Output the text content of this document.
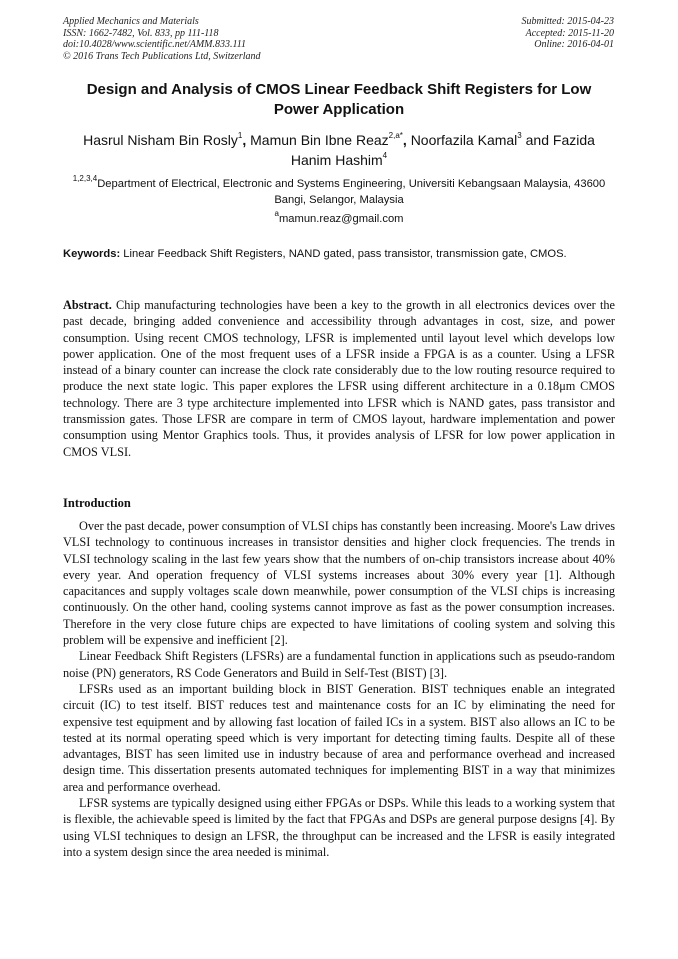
Applied Mechanics and Materials
ISSN: 1662-7482, Vol. 833, pp 111-118
doi:10.4028/www.scientific.net/AMM.833.111
© 2016 Trans Tech Publications Ltd, Switzerland
Submitted: 2015-04-23
Accepted: 2015-11-20
Online: 2016-04-01
Design and Analysis of CMOS Linear Feedback Shift Registers for Low Power Application
Hasrul Nisham Bin Rosly$^1$, Mamun Bin Ibne Reaz$^{2,a*}$, Noorfazila Kamal$^3$ and Fazida Hanim Hashim$^4$
$^{1,2,3,4}$Department of Electrical, Electronic and Systems Engineering, Universiti Kebangsaan Malaysia, 43600 Bangi, Selangor, Malaysia
$^a$mamun.reaz@gmail.com
Keywords: Linear Feedback Shift Registers, NAND gated, pass transistor, transmission gate, CMOS.
Abstract. Chip manufacturing technologies have been a key to the growth in all electronics devices over the past decade, bringing added convenience and accessibility through advantages in cost, size, and power consumption. Using recent CMOS technology, LFSR is implemented until layout level which develops low power application. One of the most frequent uses of a LFSR inside a FPGA is as a counter. Using a LFSR instead of a binary counter can increase the clock rate considerably due to the low routing resource required to produce the next state logic. This paper explores the LFSR using different architecture in a 0.18μm CMOS technology. There are 3 type architecture implemented into LFSR which is NAND gates, pass transistor and transmission gates. Those LFSR are compare in term of CMOS layout, hardware implementation and power consumption using Mentor Graphics tools. Thus, it provides analysis of LFSR for low power application in CMOS VLSI.
Introduction

Over the past decade, power consumption of VLSI chips has constantly been increasing. Moore's Law drives VLSI technology to continuous increases in transistor densities and higher clock frequencies. The trends in VLSI technology scaling in the last few years show that the numbers of on-chip transistors increase about 40% every year. And operation frequency of VLSI systems increases about 30% every year [1]. Although capacitances and supply voltages scale down meanwhile, power consumption of the VLSI chips is increasing continuously. On the other hand, cooling systems cannot improve as fast as the power consumption increases. Therefore in the very close future chips are expected to have limitations of cooling system and solving this problem will be expensive and inefficient [2].

Linear Feedback Shift Registers (LFSRs) are a fundamental function in applications such as pseudo-random noise (PN) generators, RS Code Generators and Build in Self-Test (BIST) [3].

LFSRs used as an important building block in BIST Generation. BIST techniques enable an integrated circuit (IC) to test itself. BIST reduces test and maintenance costs for an IC by eliminating the need for expensive test equipment and by allowing fast location of failed ICs in a system. BIST also allows an IC to be tested at its normal operating speed which is very important for detecting timing faults. Despite all of these advantages, BIST has seen limited use in industry because of area and performance overhead and increased design time. This dissertation presents automated techniques for implementing BIST in a way that minimizes area and performance overhead.

LFSR systems are typically designed using either FPGAs or DSPs. While this leads to a working system that is flexible, the achievable speed is limited by the fact that FPGAs and DSPs are general purpose designs [4]. By using VLSI techniques to design an LFSR, the throughput can be increased and the LFSR is easily integrated into a system design since the area needed is minimal.
